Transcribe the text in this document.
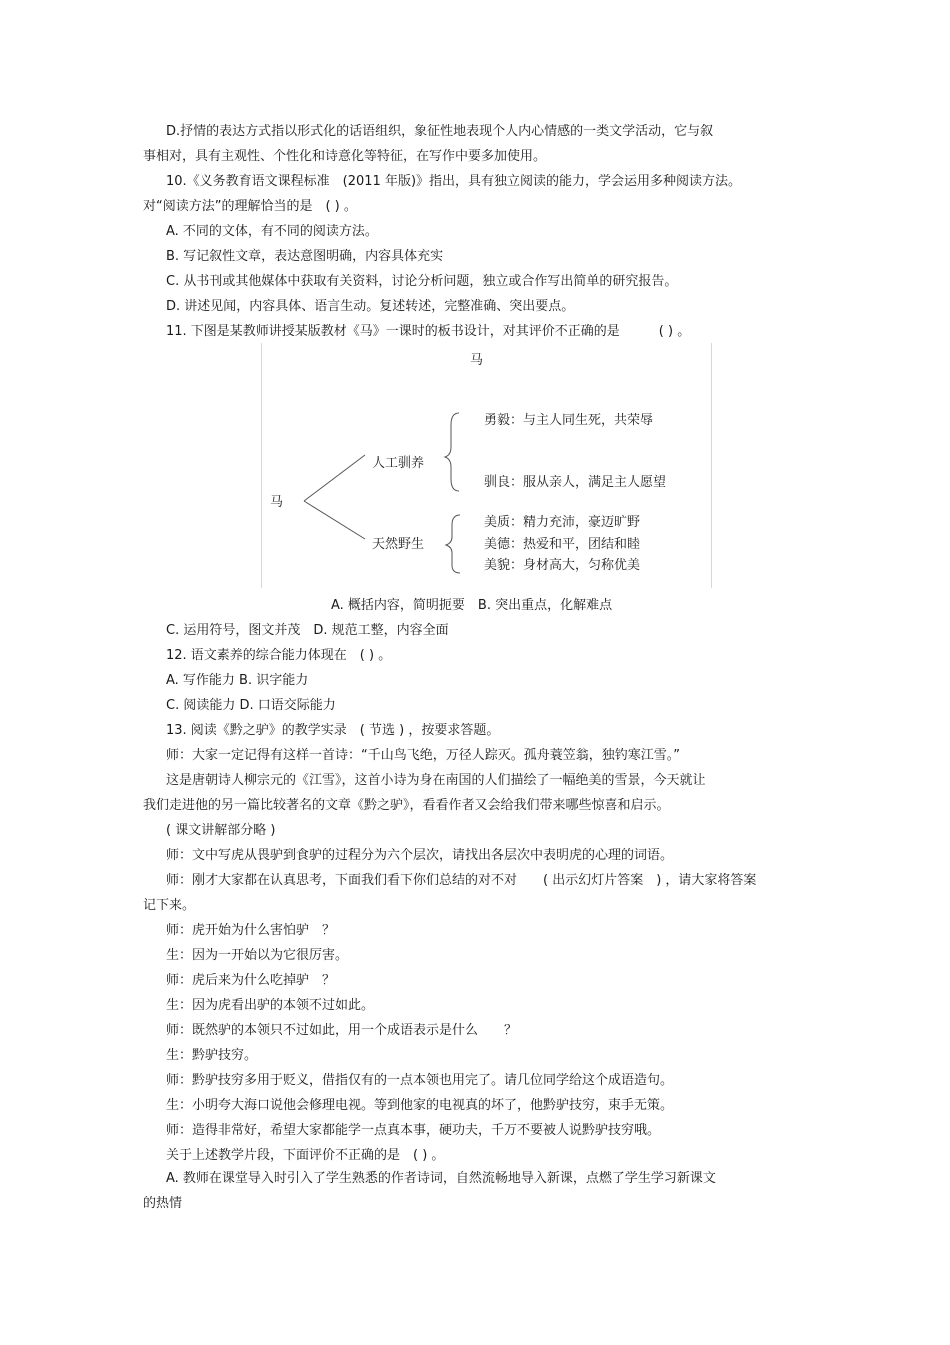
D.抒情的表达方式指以形式化的话语组织，象征性地表现个人内心情感的一类文学活动，它与叙
事相对，具有主观性、个性化和诗意化等特征，在写作中要多加使用。
10.《义务教育语文课程标准　(2011 年版)》指出，具有独立阅读的能力，学会运用多种阅读方法。
对“阅读方法”的理解恰当的是　( ) 。
A. 不同的文体，有不同的阅读方法。
B. 写记叙性文章，表达意图明确，内容具体充实
C. 从书刊或其他媒体中获取有关资料，讨论分析问题，独立或合作写出简单的研究报告。
D. 讲述见闻，内容具体、语言生动。复述转述，完整准确、突出要点。
11. 下图是某教师讲授某版教材《马》一课时的板书设计，对其评价不正确的是　　　( ) 。
马
马
人工驯养
天然野生
勇毅：与主人同生死，共荣辱
驯良：服从亲人，满足主人愿望
美质：精力充沛，豪迈旷野
美德：热爱和平，团结和睦
美貌：身材高大，匀称优美
A. 概括内容，简明扼要　B. 突出重点，化解难点
C. 运用符号，图文并茂　D. 规范工整，内容全面
12. 语文素养的综合能力体现在　( ) 。
A. 写作能力 B. 识字能力
C. 阅读能力 D. 口语交际能力
13. 阅读《黔之驴》的教学实录　( 节选 ) ，按要求答题。
师：大家一定记得有这样一首诗：“千山鸟飞绝，万径人踪灭。孤舟蓑笠翁，独钓寒江雪。”
这是唐朝诗人柳宗元的《江雪》，这首小诗为身在南国的人们描绘了一幅绝美的雪景，今天就让
我们走进他的另一篇比较著名的文章《黔之驴》，看看作者又会给我们带来哪些惊喜和启示。
( 课文讲解部分略 )
师：文中写虎从畏驴到食驴的过程分为六个层次，请找出各层次中表明虎的心理的词语。
师：刚才大家都在认真思考，下面我们看下你们总结的对不对　　( 出示幻灯片答案　) ，请大家将答案
记下来。
师：虎开始为什么害怕驴　？
生：因为一开始以为它很厉害。
师：虎后来为什么吃掉驴　？
生：因为虎看出驴的本领不过如此。
师：既然驴的本领只不过如此，用一个成语表示是什么　　？
生：黔驴技穷。
师：黔驴技穷多用于贬义，借指仅有的一点本领也用完了。请几位同学给这个成语造句。
生：小明夸大海口说他会修理电视。等到他家的电视真的坏了，他黔驴技穷，束手无策。
师：造得非常好，希望大家都能学一点真本事，硬功夫，千万不要被人说黔驴技穷哦。
关于上述教学片段，下面评价不正确的是　( ) 。
A. 教师在课堂导入时引入了学生熟悉的作者诗词，自然流畅地导入新课，点燃了学生学习新课文
的热情
